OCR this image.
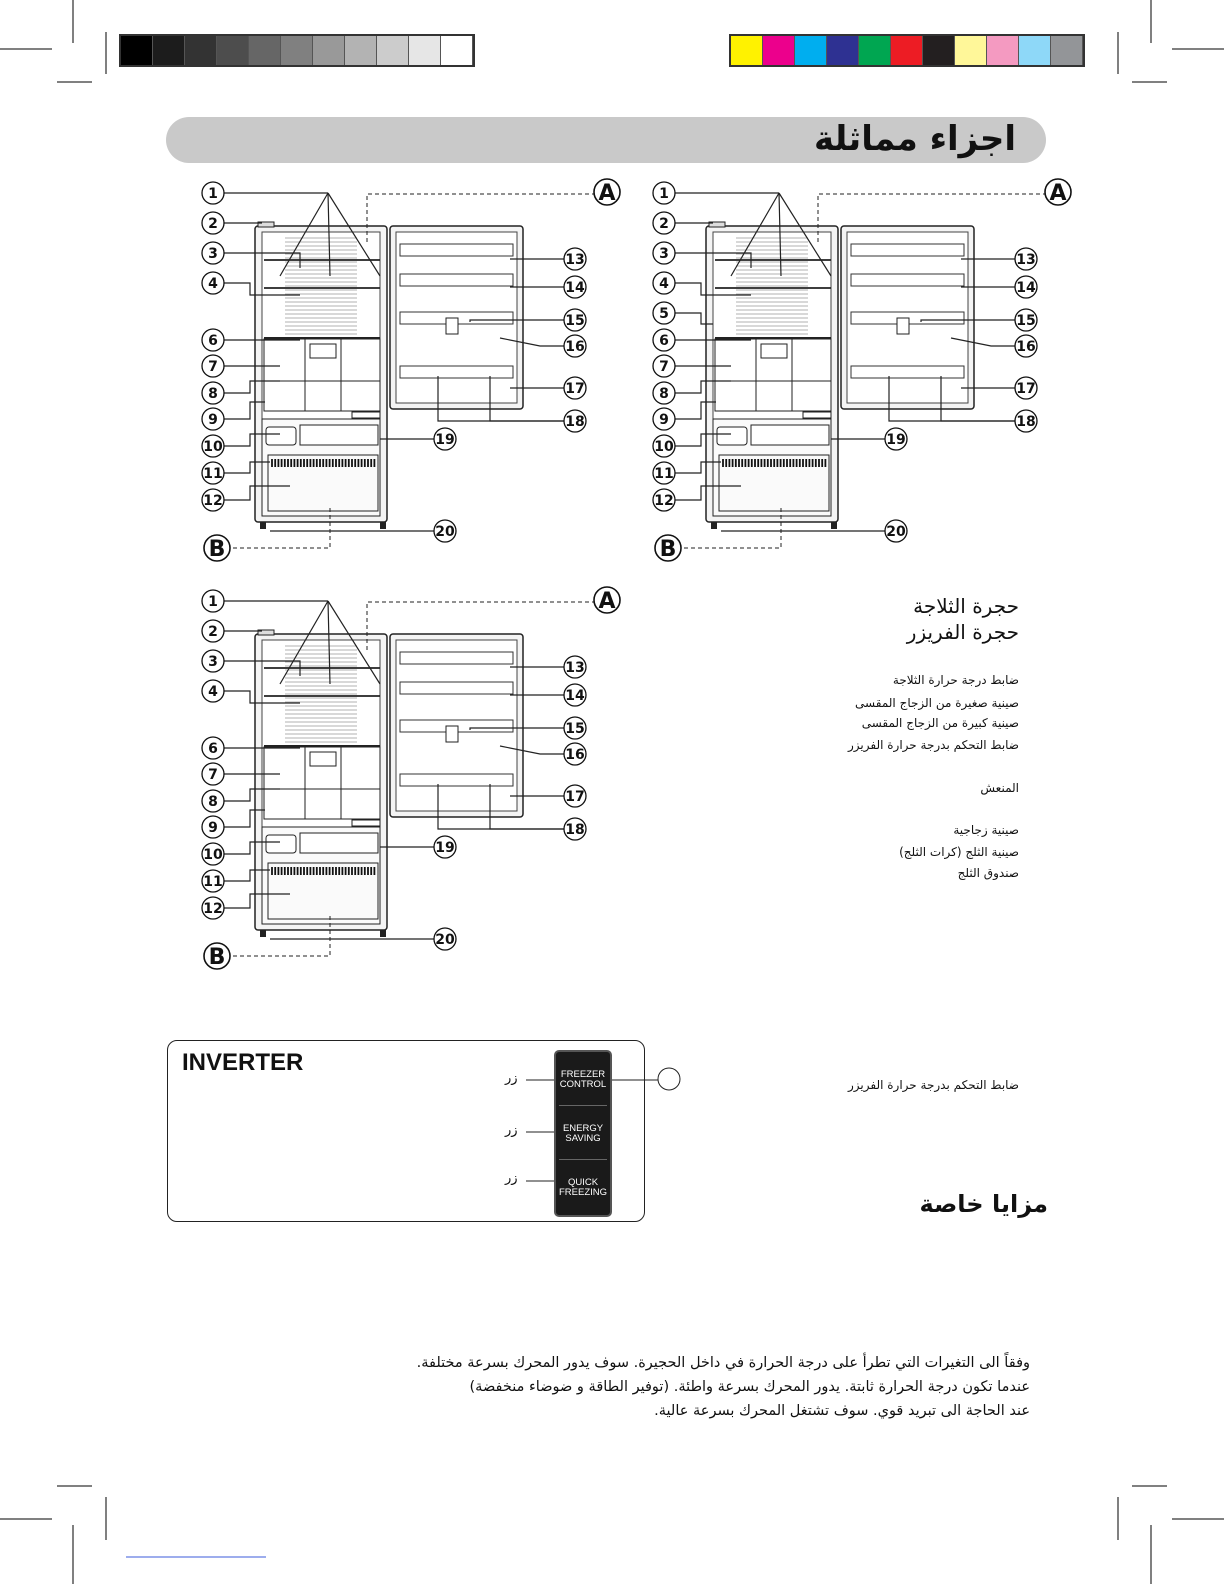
اجزاء مماثلة
1
2
3
4
6
7
8
9
10
11
12
13
14
15
16
17
18
19
20
A
B
1
2
3
4
5
6
7
8
9
10
11
12
13
14
15
16
17
18
19
20
A
B
1
2
3
4
6
7
8
9
10
11
12
13
14
15
16
17
18
19
20
A
B
حجرة الثلاجة
حجرة الفريزر
ضابط درجة حرارة الثلاجة
صينية صغيرة من الزجاج المقسى
صينية كبيرة من الزجاج المقسى
ضابط التحكم بدرجة حرارة الفريزر
المنعش
صينية زجاجية
صينية الثلج (كرات الثلج)
صندوق الثلج
INVERTER
زر
زر
زر
FREEZER
CONTROL
ENERGY
SAVING
QUICK
FREEZING
ضابط التحكم بدرجة حرارة الفريزر
مزايا خاصة
وفقاً الى التغيرات التي تطرأ على درجة الحرارة في داخل الحجيرة. سوف يدور المحرك بسرعة مختلفة.
عندما تكون درجة الحرارة ثابتة. يدور المحرك بسرعة واطئة. (توفير الطاقة و ضوضاء منخفضة)
عند الحاجة الى تبريد قوي. سوف تشتغل المحرك بسرعة عالية.
